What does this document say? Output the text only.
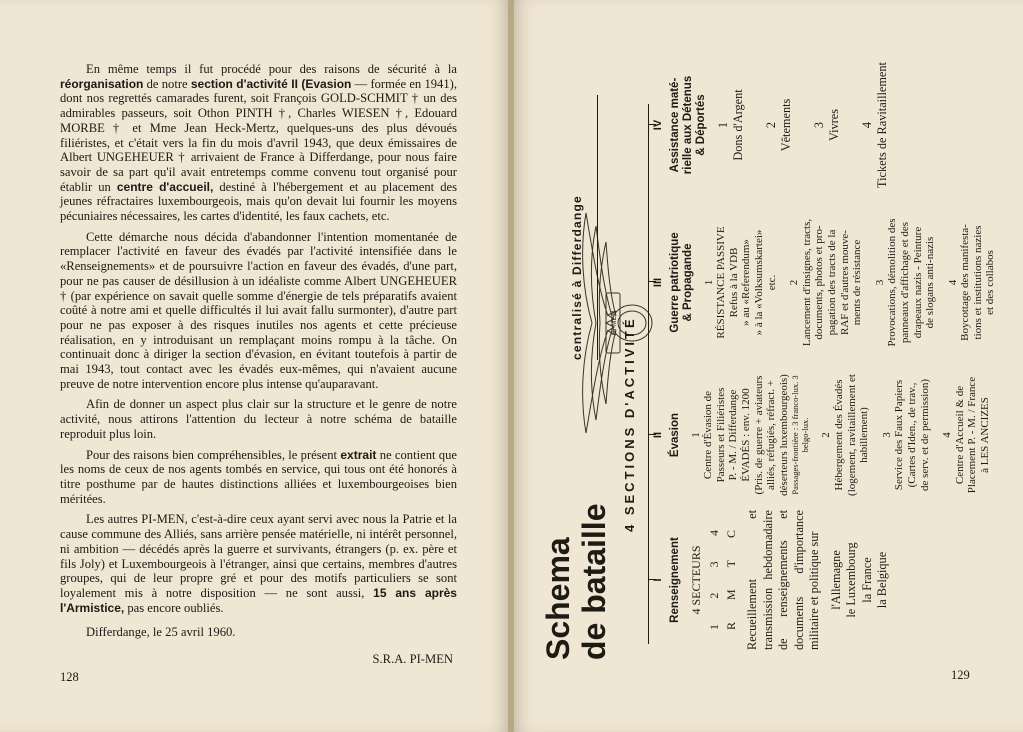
En même temps il fut procédé pour des raisons de sécurité à la réorganisation de notre section d'activité II (Evasion — formée en 1941), dont nos regrettés camarades furent, soit François GOLD-SCHMIT † un des admirables passeurs, soit Othon PINTH †, Charles WIESEN †, Edouard MORBE † et Mme Jean Heck-Mertz, quelques-uns des plus dévoués filiéristes, et c'était vers la fin du mois d'avril 1943, que deux émissaires de Albert UNGEHEUER † arrivaient de France à Differdange, pour nous faire savoir de sa part qu'il avait entretemps comme convenu tout organisé pour établir un centre d'accueil, destiné à l'hébergement et au placement des jeunes réfractaires luxembourgeois, mais qu'on devait lui fournir les moyens pécuniaires nécessaires, les cartes d'identité, les faux cachets, etc.

Cette démarche nous décida d'abandonner l'intention momentanée de remplacer l'activité en faveur des évadés par l'activité intensifiée dans le «Renseignements» et de poursuivre l'action en faveur des évadés, d'une part, pour ne pas causer de désillusion à un idéaliste comme Albert UNGEHEUER † (par expérience on savait quelle somme d'énergie de tels préparatifs avaient coûté à notre ami et quelle difficultés il lui avait fallu surmonter), d'autre part pour ne pas exposer à des risques inutiles nos agents et cette précieuse réalisation, en y introduisant un remplaçant moins rompu à la tâche. On continuait donc à diriger la section d'évasion, en évitant toutefois à partir de mai 1943, tout contact avec les évadés eux-mêmes, qui n'avaient aucune preuve de notre intervention encore plus intense qu'auparavant.

Afin de donner un aspect plus clair sur la structure et le genre de notre activité, nous attirons l'attention du lecteur à notre schéma de bataille reproduit plus loin.

Pour des raisons bien compréhensibles, le présent extrait ne contient que les noms de ceux de nos agents tombés en service, qui tous ont été honorés à titre posthume par de hautes distinctions alliées et luxembourgeoises bien méritées.

Les autres PI-MEN, c'est-à-dire ceux ayant servi avec nous la Patrie et la cause commune des Alliés, sans arrière pensée matérielle, ni intérêt personnel, ni ambition — décédés après la guerre et survivants, étrangers (p. ex. père et fils Joly) et Luxembourgeois à l'étranger, ainsi que certains, membres d'autres groupes, qui de leur propre gré et pour des motifs particuliers se sont loyalement mis à notre disposition — ne sont aussi, 15 ans après l'Armistice, pas encore oubliés.

Differdange, le 25 avril 1960.

S.R.A. PI-MEN

128	129
Schema de bataille
centralisé à Differdange	PI-MEN 4 SECTIONS D'ACTIVITÉ
I Renseignement 4 SECTEURS
1
2
3
4
R
M
T
C Recueillement et transmission hebdomadaire de renseignements et documents d'importance militaire et politique sur l'Allemagne le Luxembourg la France la Belgique
II Évasion 1 Centre d'Évasion de Passeurs et Filiéristes P. - M. / Differdange ÉVADÉS : env. 1200 (Pris. de guerre + aviateurs alliés, réfugiés, réfract. + déserteurs luxembourgeois) Passages-frontière : 3 franco-lux. 3 belgo-lux. 2 Hébergement des Évadés (logement, ravitaillement et habillement) 3 Service des Faux Papiers (Cartes d'Iden., de trav., de serv. et de permission) 4 Centre d'Accueil & de Placement P. - M. / France à LES ANCIZES
III Guerre patriotique & Propagande 1 RÉSISTANCE PASSIVE Refus à la VDB » au «Referendum» » à la «Volksumskartei» etc. 2 Lancement d'insignes, tracts, documents, photos et pro- pagation des tracts de la RAF et d'autres mouve- ments de résistance 3 Provocations, démolition des panneaux d'affichage et des drapeaux nazis - Peinture de slogans anti-nazis 4 Boycottage des manifesta- tions et institutions nazies et des collabos
IV Assistance maté- rielle aux Détenus & Déportés 1 Dons d'Argent 2 Vêtements 3 Vivres 4 Tickets de Ravitaillement
